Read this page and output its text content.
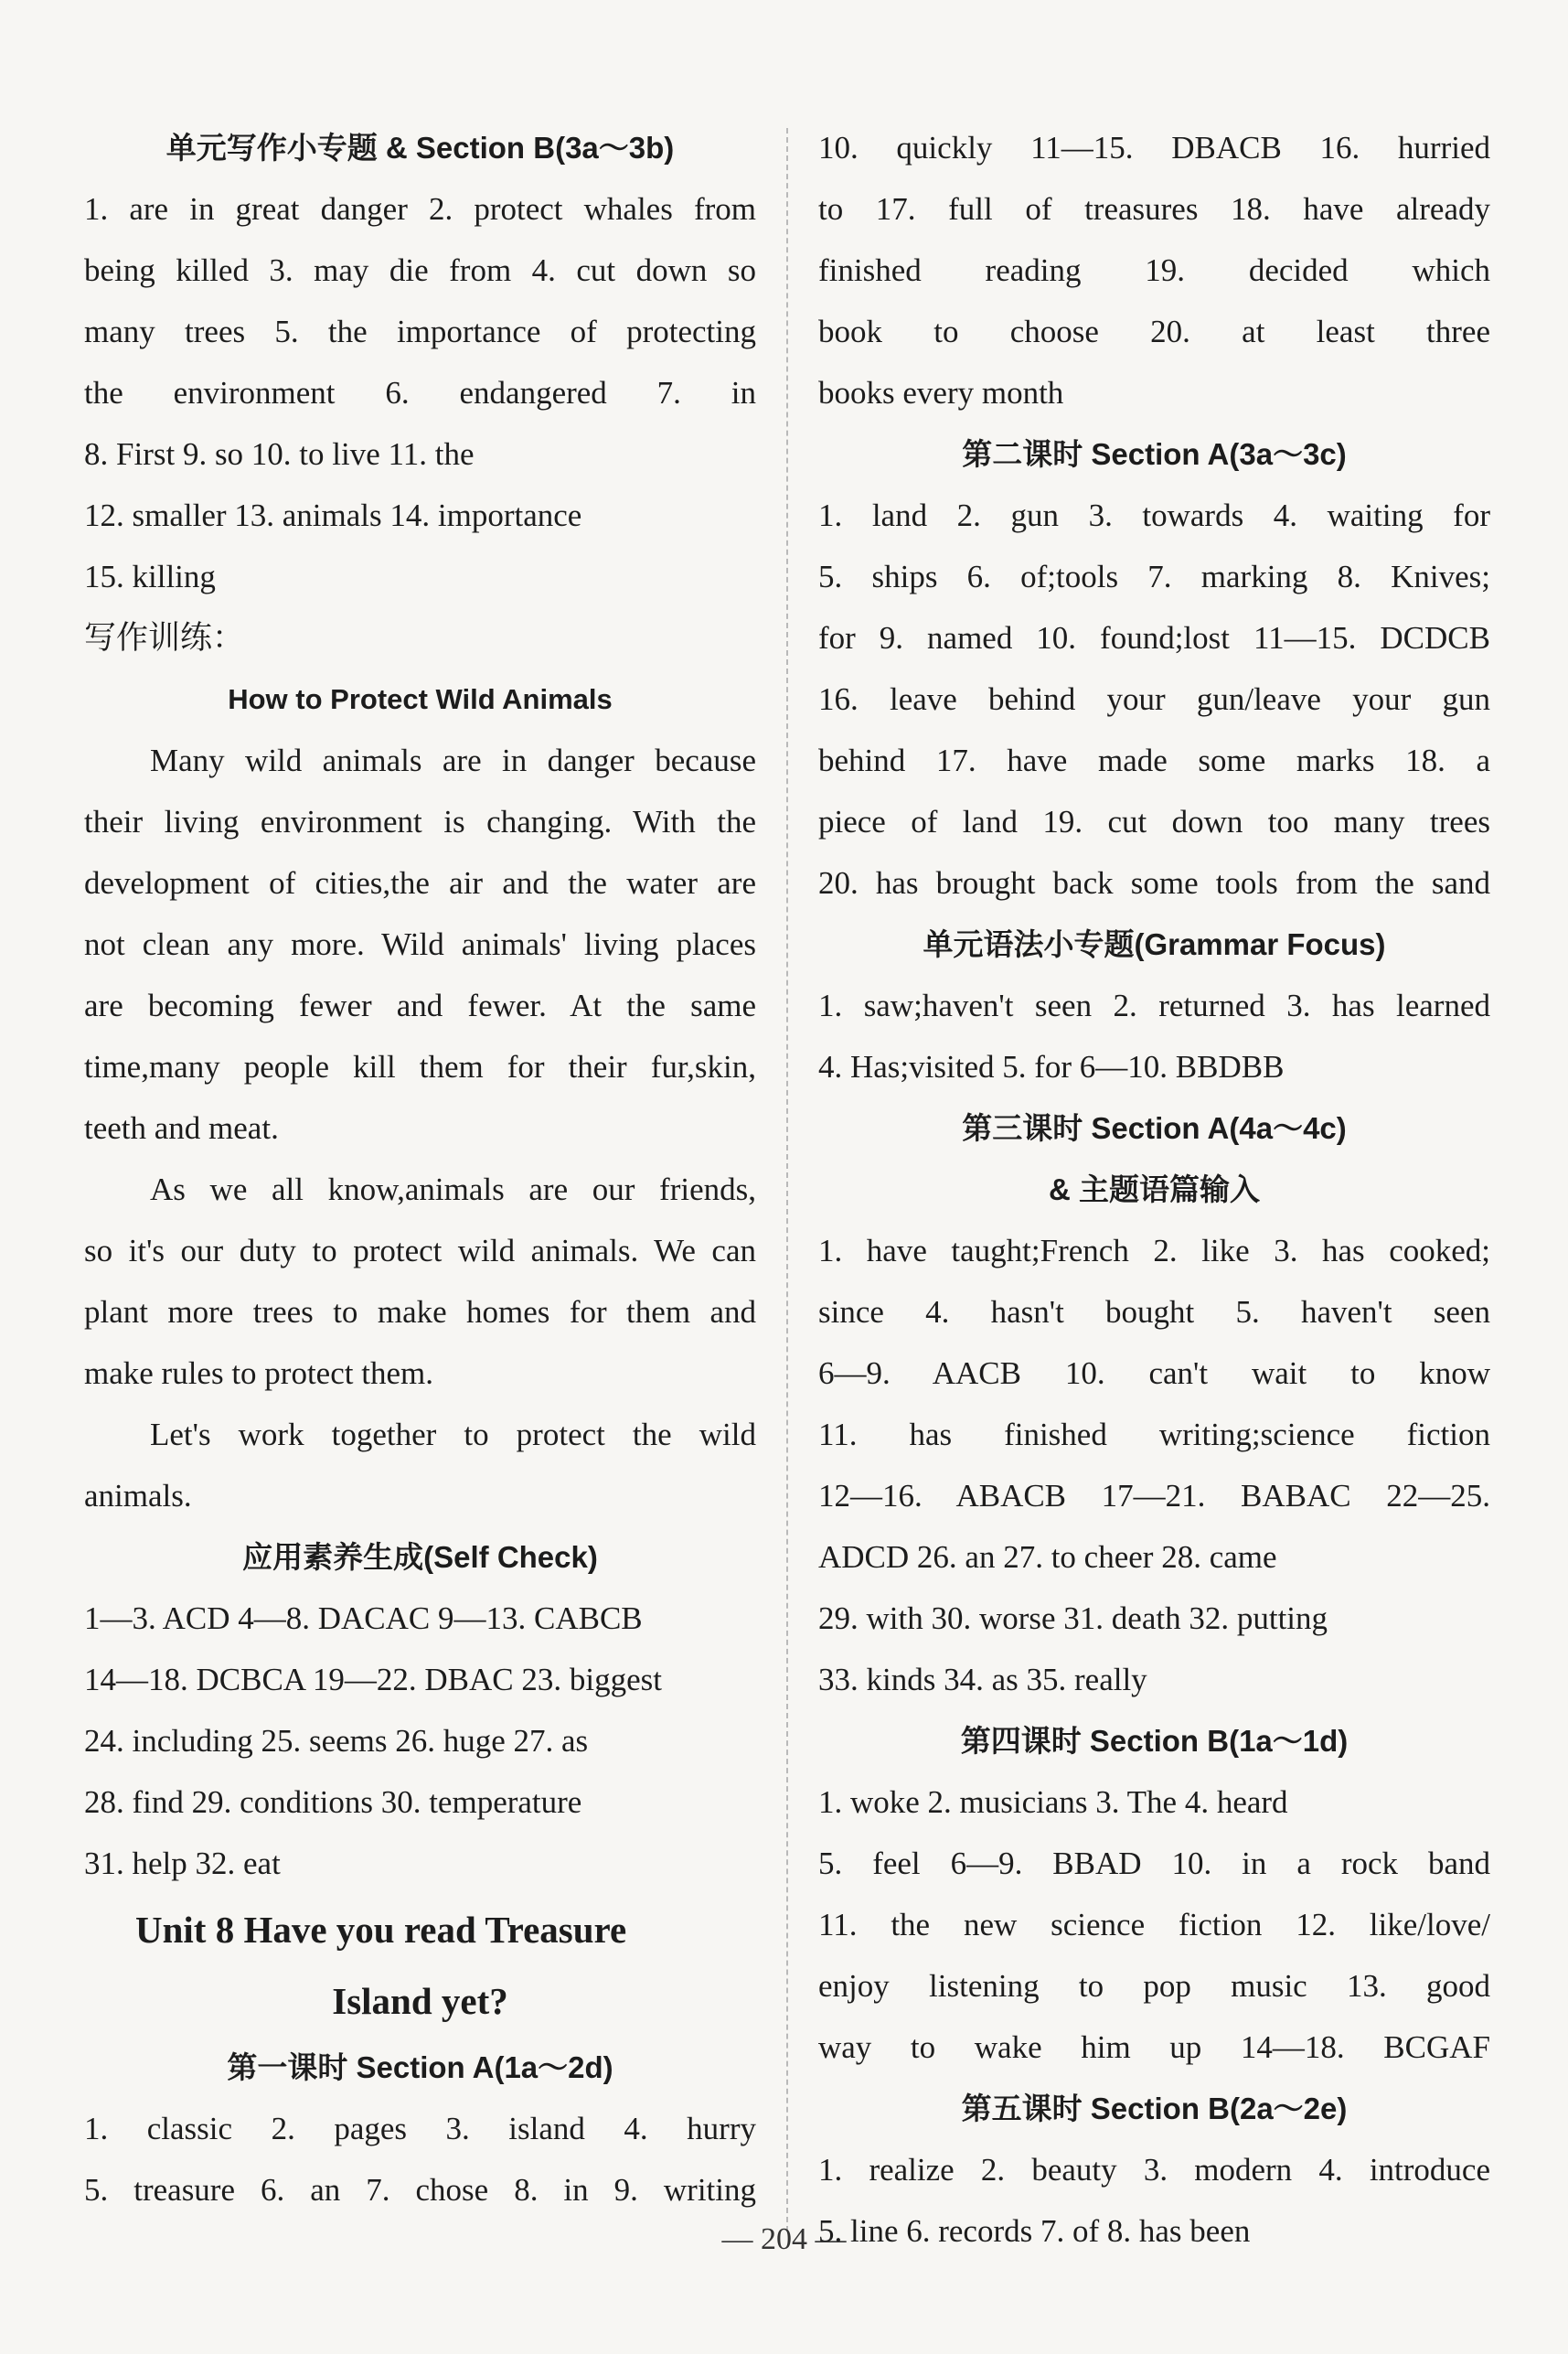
单元写作小专题 & Section B(3a～3b)
1. are in great danger 2. protect whales from
being killed 3. may die from 4. cut down so
many trees 5. the importance of protecting
the environment 6. endangered 7. in
8. First 9. so 10. to live 11. the
12. smaller 13. animals 14. importance
15. killing
写作训练：
How to Protect Wild Animals
Many wild animals are in danger because
their living environment is changing. With the
development of cities,the air and the water are
not clean any more. Wild animals' living places
are becoming fewer and fewer. At the same
time,many people kill them for their fur,skin,
teeth and meat.
As we all know,animals are our friends,
so it's our duty to protect wild animals. We can
plant more trees to make homes for them and
make rules to protect them.
Let's work together to protect the wild
animals.
应用素养生成(Self Check)
1—3. ACD 4—8. DACAC 9—13. CABCB
14—18. DCBCA 19—22. DBAC 23. biggest
24. including 25. seems 26. huge 27. as
28. find 29. conditions 30. temperature
31. help 32. eat
Unit 8 Have you read Treasure
Island yet?
第一课时 Section A(1a～2d)
1. classic 2. pages 3. island 4. hurry
5. treasure 6. an 7. chose 8. in 9. writing
10. quickly 11—15. DBACB 16. hurried
to 17. full of treasures 18. have already
finished reading 19. decided which
book to choose 20. at least three
books every month
第二课时 Section A(3a～3c)
1. land 2. gun 3. towards 4. waiting for
5. ships 6. of;tools 7. marking 8. Knives;
for 9. named 10. found;lost 11—15. DCDCB
16. leave behind your gun/leave your gun
behind 17. have made some marks 18. a
piece of land 19. cut down too many trees
20. has brought back some tools from the sand
单元语法小专题(Grammar Focus)
1. saw;haven't seen 2. returned 3. has learned
4. Has;visited 5. for 6—10. BBDBB
第三课时 Section A(4a～4c)
& 主题语篇输入
1. have taught;French 2. like 3. has cooked;
since 4. hasn't bought 5. haven't seen
6—9. AACB 10. can't wait to know
11. has finished writing;science fiction
12—16. ABACB 17—21. BABAC 22—25.
ADCD 26. an 27. to cheer 28. came
29. with 30. worse 31. death 32. putting
33. kinds 34. as 35. really
第四课时 Section B(1a～1d)
1. woke 2. musicians 3. The 4. heard
5. feel 6—9. BBAD 10. in a rock band
11. the new science fiction 12. like/love/
enjoy listening to pop music 13. good
way to wake him up 14—18. BCGAF
第五课时 Section B(2a～2e)
1. realize 2. beauty 3. modern 4. introduce
5. line 6. records 7. of 8. has been
— 204 —
